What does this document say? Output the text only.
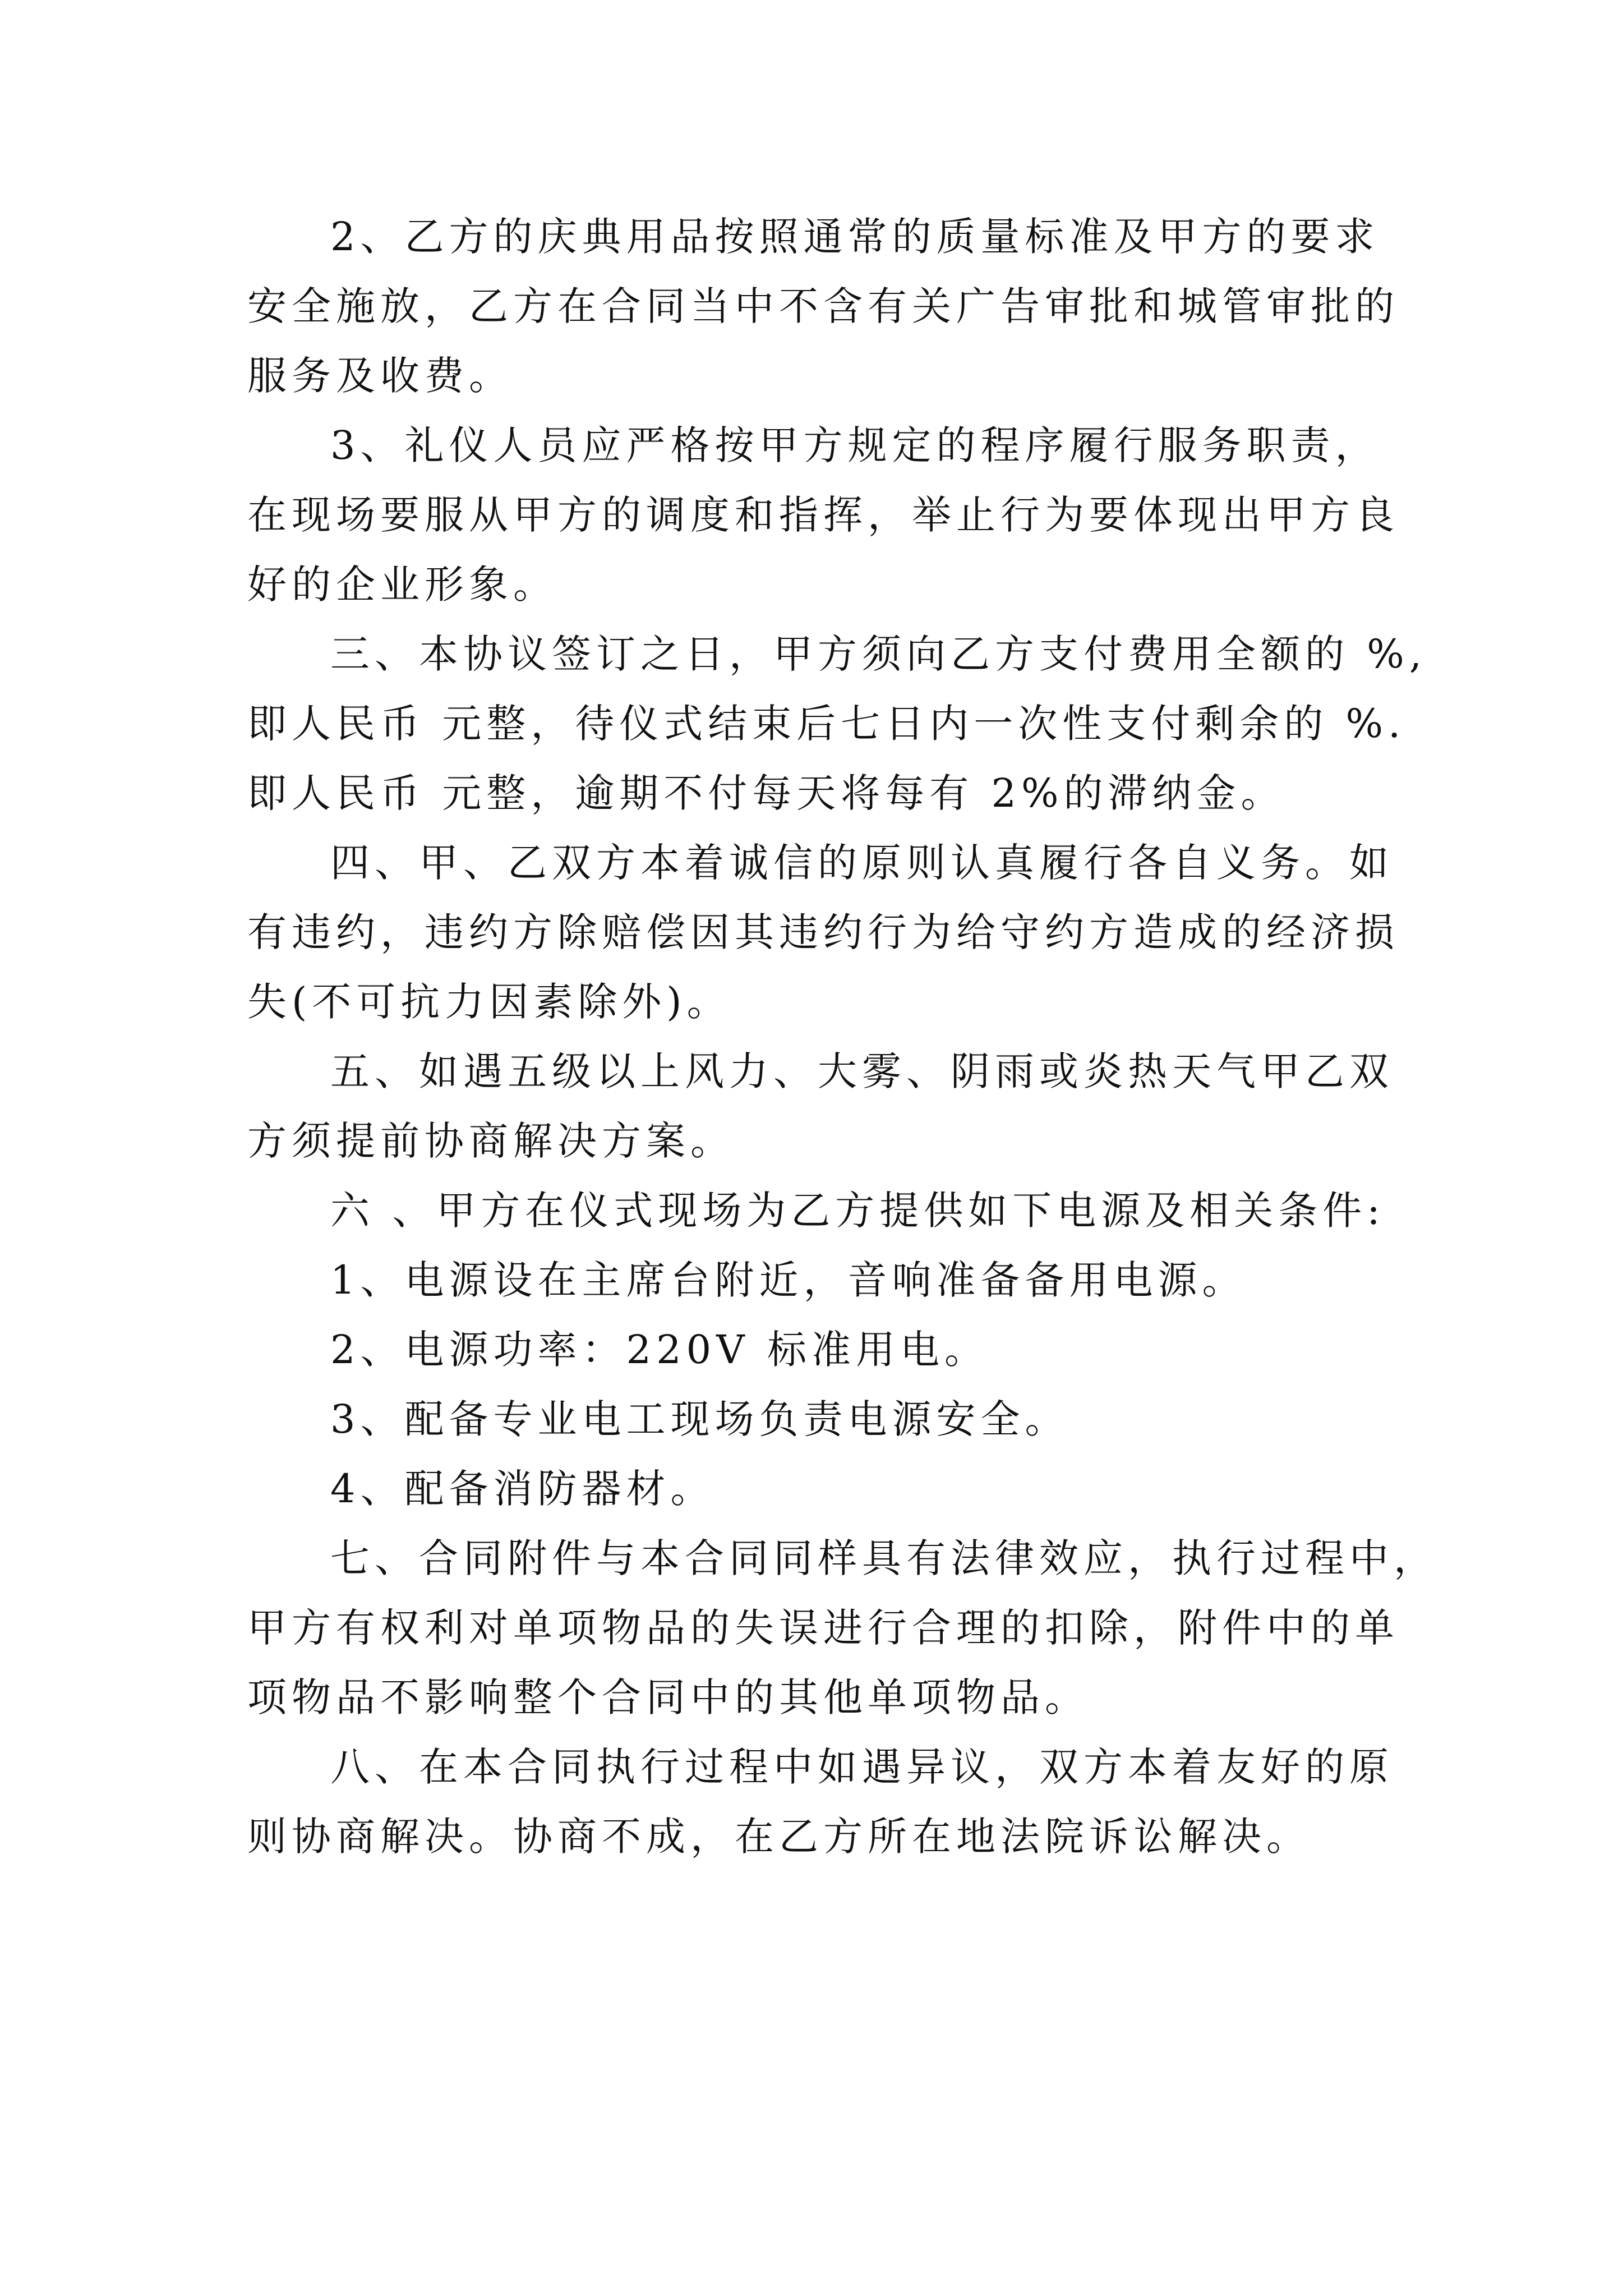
2、乙方的庆典用品按照通常的质量标准及甲方的要求
安全施放，乙方在合同当中不含有关广告审批和城管审批的
服务及收费。
3、礼仪人员应严格按甲方规定的程序履行服务职责，
在现场要服从甲方的调度和指挥，举止行为要体现出甲方良
好的企业形象。
三、本协议签订之日，甲方须向乙方支付费用全额的 %,
即人民币 元整，待仪式结束后七日内一次性支付剩余的 %.
即人民币 元整，逾期不付每天将每有 2%的滞纳金。
四、甲、乙双方本着诚信的原则认真履行各自义务。如
有违约，违约方除赔偿因其违约行为给守约方造成的经济损
失(不可抗力因素除外)。
五、如遇五级以上风力、大雾、阴雨或炎热天气甲乙双
方须提前协商解决方案。
六 、甲方在仪式现场为乙方提供如下电源及相关条件:
1、电源设在主席台附近，音响准备备用电源。
2、电源功率：220V 标准用电。
3、配备专业电工现场负责电源安全。
4、配备消防器材。
七、合同附件与本合同同样具有法律效应，执行过程中，
甲方有权利对单项物品的失误进行合理的扣除，附件中的单
项物品不影响整个合同中的其他单项物品。
八、在本合同执行过程中如遇异议，双方本着友好的原
则协商解决。协商不成，在乙方所在地法院诉讼解决。
